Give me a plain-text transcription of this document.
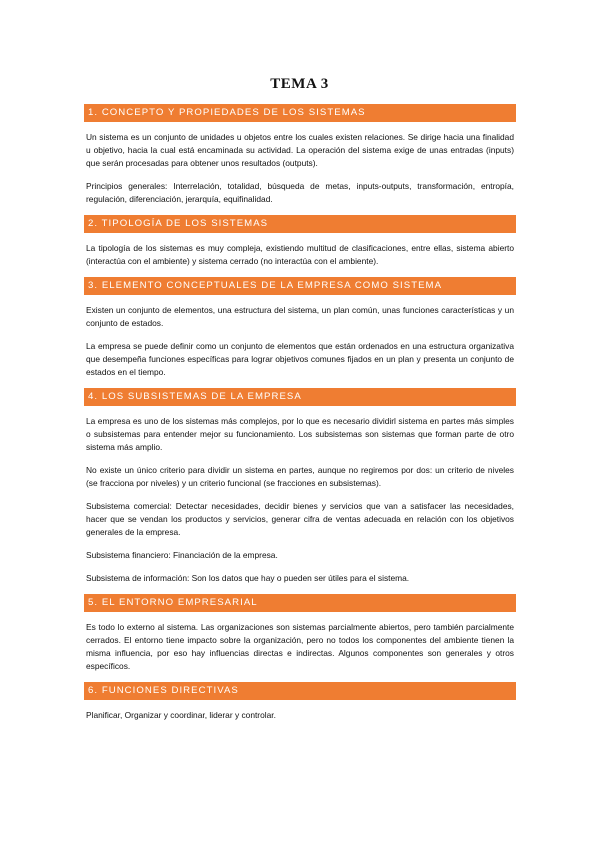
TEMA 3
1. CONCEPTO Y PROPIEDADES DE LOS SISTEMAS
Un sistema es un conjunto de unidades u objetos entre los cuales existen relaciones. Se dirige hacia una finalidad u objetivo, hacia la cual está encaminada su actividad. La operación del sistema exige de unas entradas (inputs) que serán procesadas para obtener unos resultados (outputs).
Principios generales: Interrelación, totalidad, búsqueda de metas, inputs-outputs, transformación, entropía, regulación, diferenciación, jerarquía, equifinalidad.
2. TIPOLOGÍA DE LOS SISTEMAS
La tipología de los sistemas es muy compleja, existiendo multitud de clasificaciones, entre ellas, sistema abierto (interactúa con el ambiente) y sistema cerrado (no interactúa con el ambiente).
3. ELEMENTO CONCEPTUALES DE LA EMPRESA COMO SISTEMA
Existen un conjunto de elementos, una estructura del sistema, un plan común, unas funciones características y un conjunto de estados.
La empresa se puede definir como un conjunto de elementos que están ordenados en una estructura organizativa que desempeña funciones específicas para lograr objetivos comunes fijados en un plan y presenta un conjunto de estados en el tiempo.
4. LOS SUBSISTEMAS DE LA EMPRESA
La empresa es uno de los sistemas más complejos, por lo que es necesario dividirl sistema en partes más simples o subsistemas para entender mejor su funcionamiento. Los subsistemas son sistemas que forman parte de otro sistema más amplio.
No existe un único criterio para dividir un sistema en partes, aunque no regiremos por dos: un criterio de niveles (se fracciona por niveles) y un criterio funcional (se fracciones en subsistemas).
Subsistema comercial: Detectar necesidades, decidir bienes y servicios que van a satisfacer las necesidades, hacer que se vendan los productos y servicios, generar cifra de ventas adecuada en relación con los objetivos generales de la empresa.
Subsistema financiero: Financiación de la empresa.
Subsistema de información: Son los datos que hay o pueden ser útiles para el sistema.
5. EL ENTORNO EMPRESARIAL
Es todo lo externo al sistema. Las organizaciones son sistemas parcialmente abiertos, pero también parcialmente cerrados. El entorno tiene impacto sobre la organización, pero no todos los componentes del ambiente tienen la misma influencia, por eso hay influencias directas e indirectas. Algunos componentes son generales y otros específicos.
6. FUNCIONES DIRECTIVAS
Planificar, Organizar y coordinar, liderar y controlar.
